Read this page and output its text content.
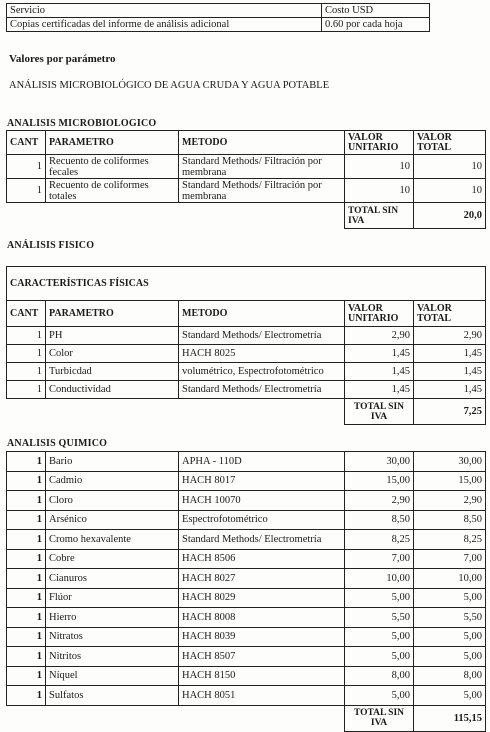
Servicio	Costo USD
Copias certificadas del informe de análisis adicional	0.60 por cada hoja
Valores por parámetro
ANÁLISIS MICROBIOLÓGICO DE AGUA CRUDA Y AGUA POTABLE
ANALISIS MICROBIOLOGICO
CANT	PARAMETRO	METODO	VALOR UNITARIO	VALOR TOTAL
1	Recuento de coliformes fecales	Standard Methods/ Filtración por membrana	10	10
1	Recuento de coliformes totales	Standard Methods/ Filtración por membrana	10	10
			TOTAL SIN IVA	20,0
ANÁLISIS FISICO
CARACTERÍSTICAS FÍSICAS				
CANT	PARAMETRO	METODO	VALOR UNITARIO	VALOR TOTAL
1	PH	Standard Methods/ Electrometría	2,90	2,90
1	Color	HACH 8025	1,45	1,45
1	Turbicdad	volumétrico, Espectrofotométrico	1,45	1,45
1	Conductividad	Standard Methods/ Electrometría	1,45	1,45
			TOTAL SIN IVA	7,25
ANALISIS QUIMICO
1	Bario	APHA - 110D	30,00	30,00
1	Cadmio	HACH 8017	15,00	15,00
1	Cloro	HACH 10070	2,90	2,90
1	Arsénico	Espectrofotométrico	8,50	8,50
1	Cromo hexavalente	Standard Methods/ Electrometría	8,25	8,25
1	Cobre	HACH 8506	7,00	7,00
1	Cianuros	HACH 8027	10,00	10,00
1	Flúor	HACH 8029	5,00	5,00
1	Hierro	HACH 8008	5,50	5,50
1	Nitratos	HACH 8039	5,00	5,00
1	Nitritos	HACH 8507	5,00	5,00
1	Níquel	HACH 8150	8,00	8,00
1	Sulfatos	HACH 8051	5,00	5,00
			TOTAL SIN IVA	115,15
